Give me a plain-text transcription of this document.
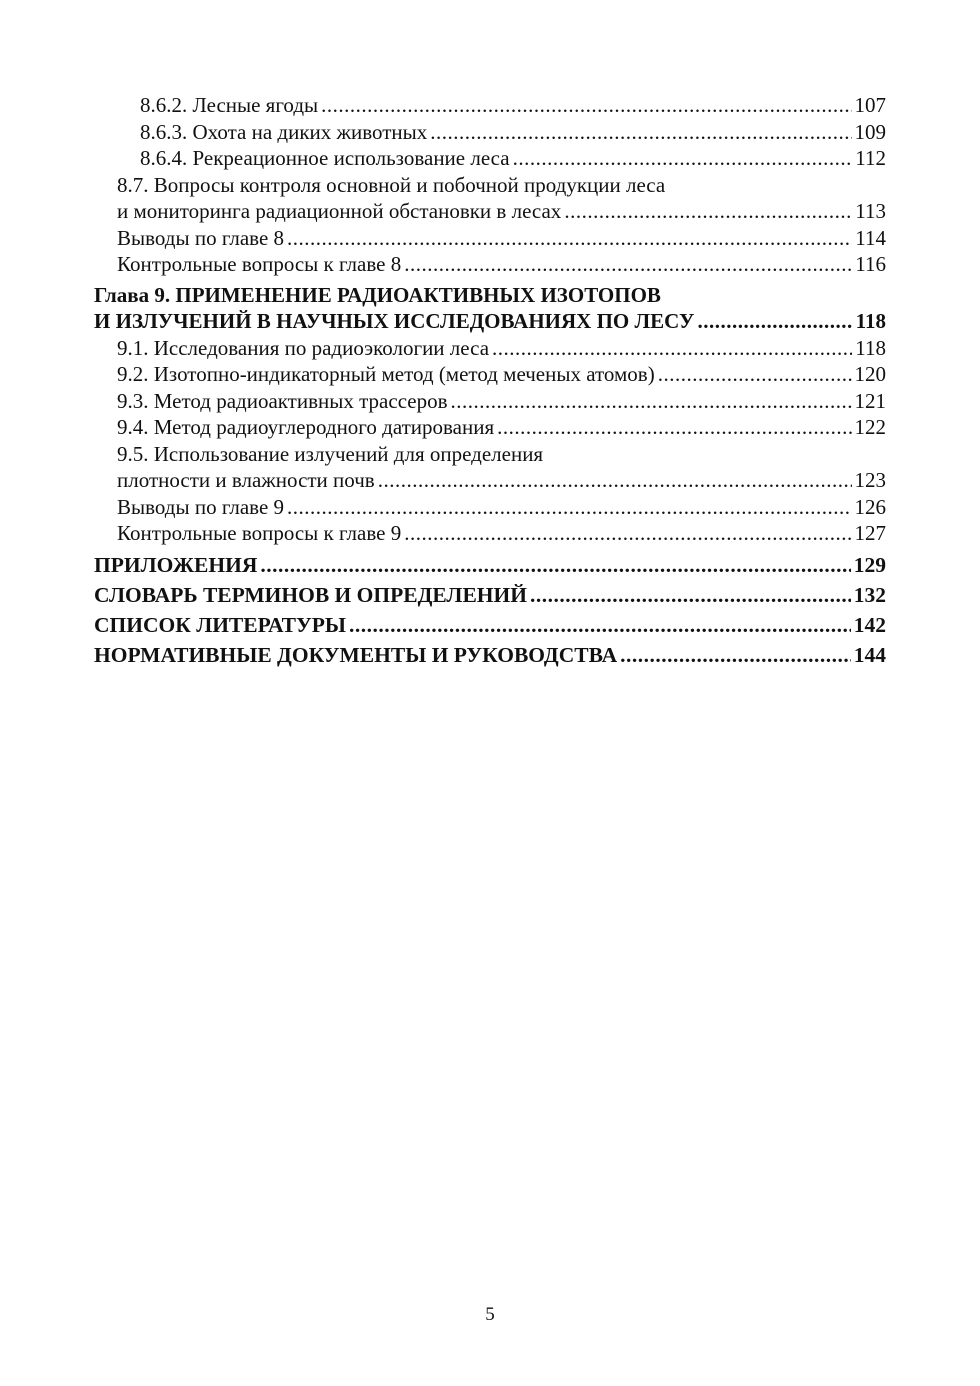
8.6.2. Лесные ягоды .....	107
8.6.3. Охота на диких животных .....	109
8.6.4. Рекреационное использование леса .....	112
8.7. Вопросы контроля основной и побочной продукции леса
и мониторинга радиационной обстановки в лесах .....	113
Выводы по главе 8 .....	114
Контрольные вопросы к главе 8 .....	116
Глава 9. ПРИМЕНЕНИЕ РАДИОАКТИВНЫХ ИЗОТОПОВ
И ИЗЛУЧЕНИЙ В НАУЧНЫХ ИССЛЕДОВАНИЯХ ПО ЛЕСУ .....	118
9.1. Исследования по радиоэкологии леса .....	118
9.2. Изотопно-индикаторный метод (метод меченых атомов) .....	120
9.3. Метод радиоактивных трассеров .....	121
9.4. Метод радиоуглеродного датирования .....	122
9.5. Использование излучений для определения
плотности и влажности почв .....	123
Выводы по главе 9 .....	126
Контрольные вопросы к главе 9 .....	127
ПРИЛОЖЕНИЯ .....	129
СЛОВАРЬ ТЕРМИНОВ И ОПРЕДЕЛЕНИЙ .....	132
СПИСОК ЛИТЕРАТУРЫ .....	142
НОРМАТИВНЫЕ ДОКУМЕНТЫ И РУКОВОДСТВА .....	144
5
